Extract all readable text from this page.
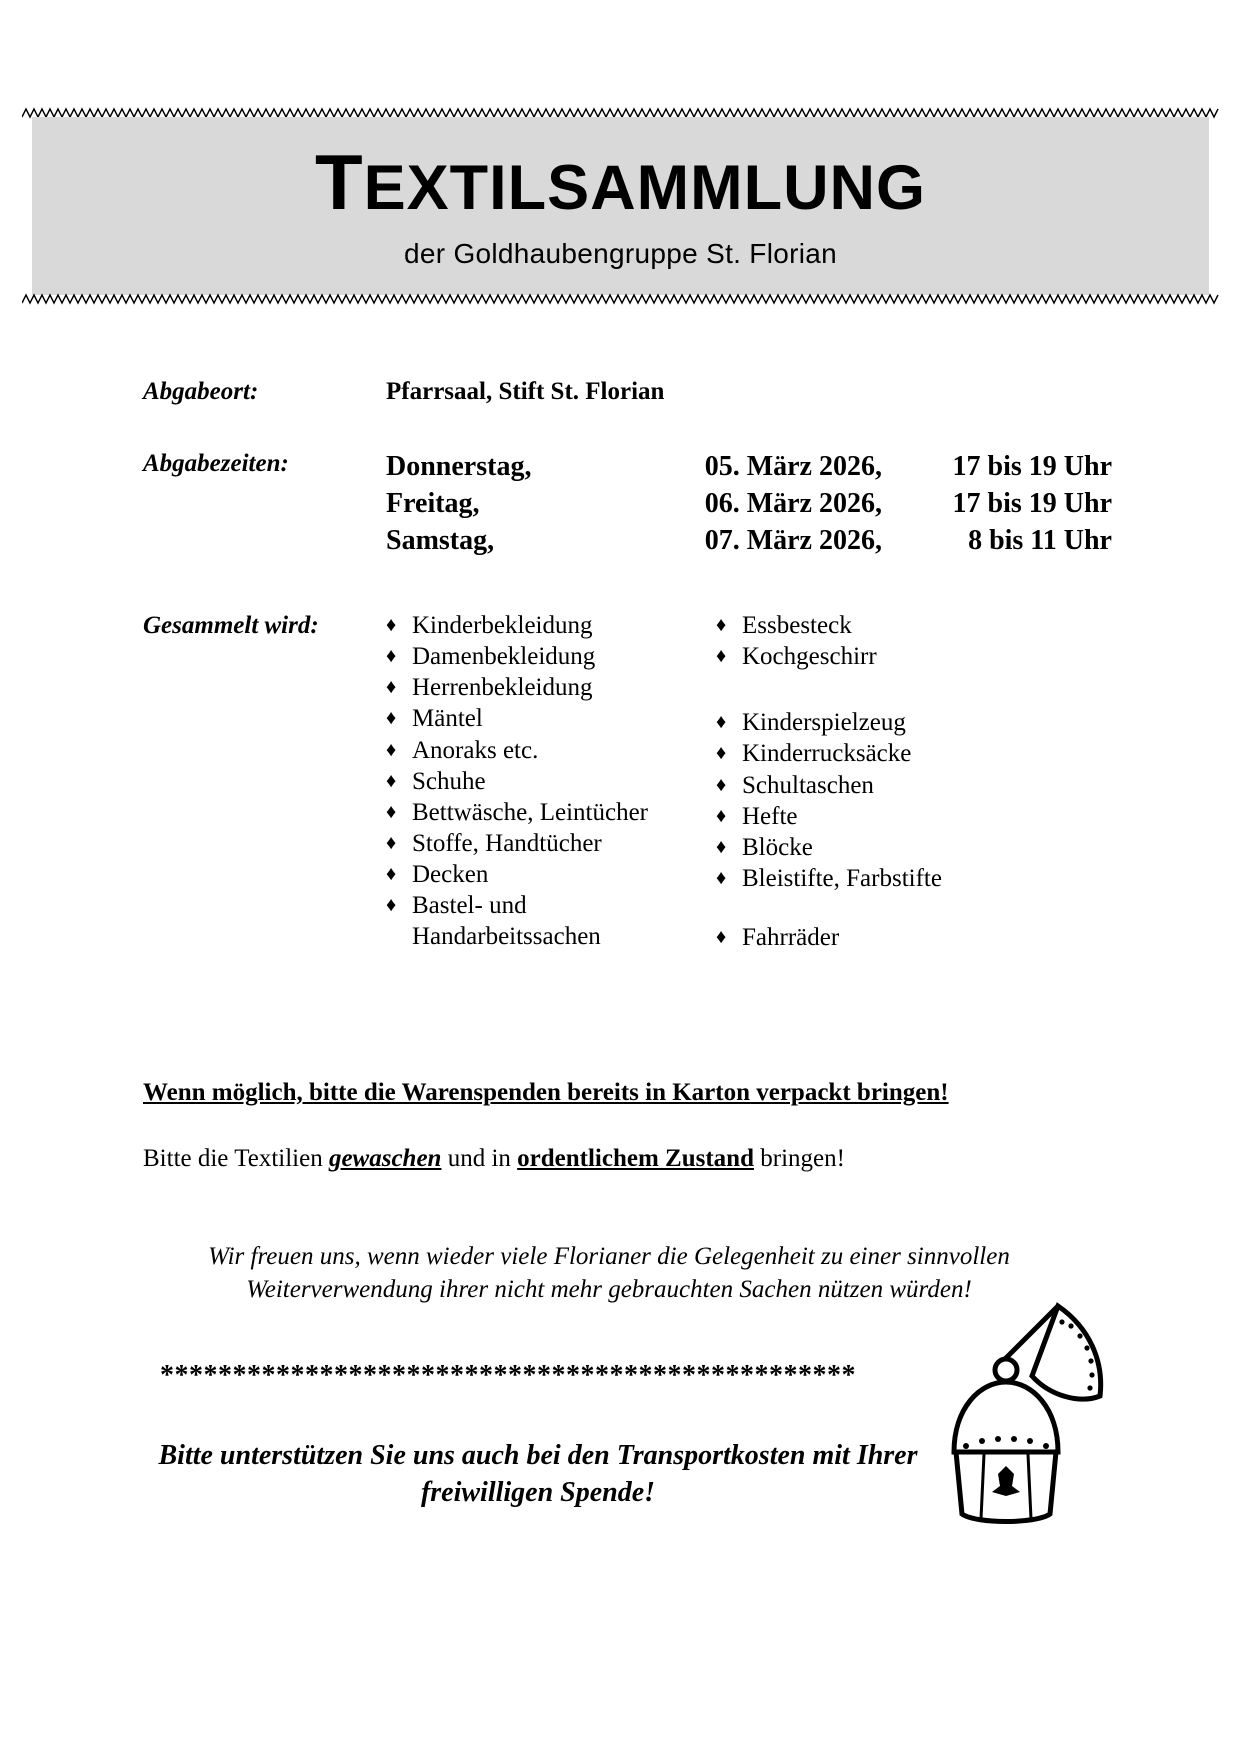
TEXTILSAMMLUNG
der Goldhaubengruppe St. Florian
Abgabeort:	Pfarrsaal, Stift St. Florian
Abgabezeiten:	Donnerstag,	05. März 2026,	17 bis 19 Uhr
Freitag,	06. März 2026,	17 bis 19 Uhr
Samstag,	07. März 2026,	8 bis 11 Uhr
Gesammelt wird:	♦ Kinderbekleidung
♦ Damenbekleidung
♦ Herrenbekleidung
♦ Mäntel
♦ Anoraks etc.
♦ Schuhe
♦ Bettwäsche, Leintücher
♦ Stoffe, Handtücher
♦ Decken
♦ Bastel- und Handarbeitssachen
♦ Essbesteck
♦ Kochgeschirr
♦ Kinderspielzeug
♦ Kinderrucksäcke
♦ Schultaschen
♦ Hefte
♦ Blöcke
♦ Bleistifte, Farbstifte
♦ Fahrräder
Wenn möglich, bitte die Warenspenden bereits in Karton verpackt bringen!
Bitte die Textilien gewaschen und in ordentlichem Zustand bringen!
Wir freuen uns, wenn wieder viele Florianer die Gelegenheit zu einer sinnvollen Weiterverwendung ihrer nicht mehr gebrauchten Sachen nützen würden!
************************************************
Bitte unterstützen Sie uns auch bei den Transportkosten mit Ihrer freiwilligen Spende!
